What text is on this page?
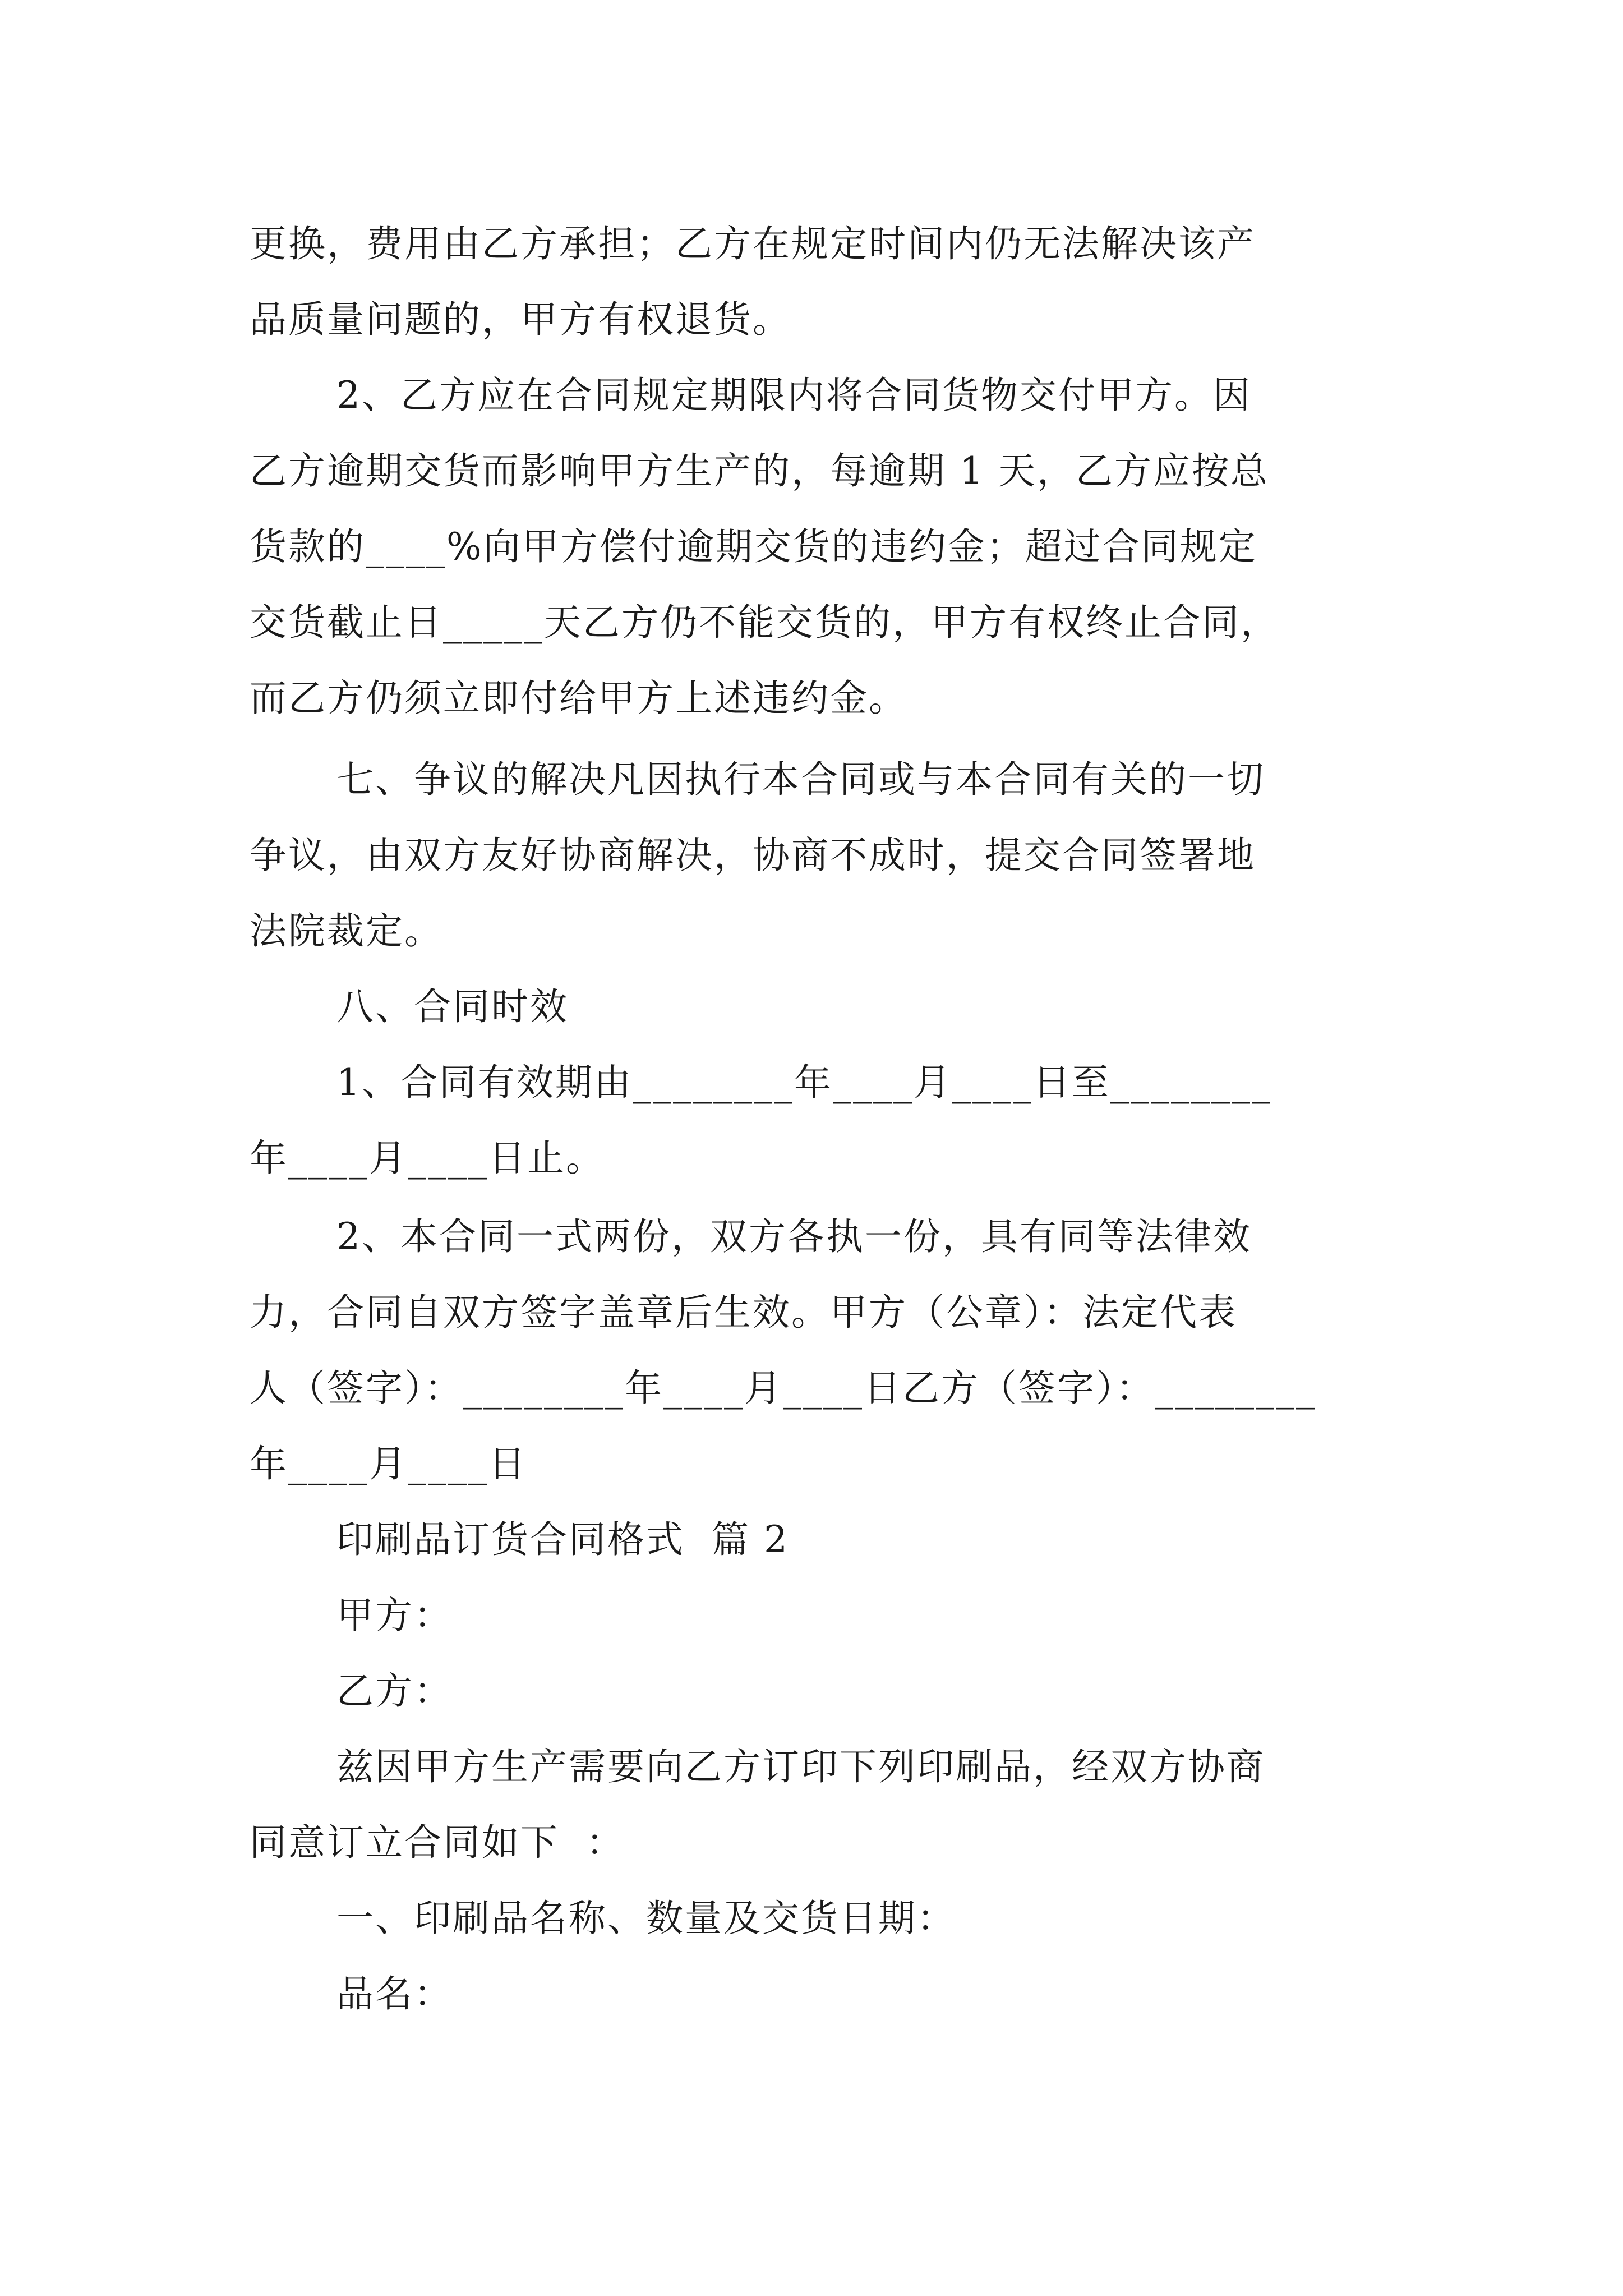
更换，费用由乙方承担；乙方在规定时间内仍无法解决该产

品质量问题的，甲方有权退货。

2、乙方应在合同规定期限内将合同货物交付甲方。因

乙方逾期交货而影响甲方生产的，每逾期 1 天，乙方应按总

货款的____%向甲方偿付逾期交货的违约金；超过合同规定

交货截止日_____天乙方仍不能交货的，甲方有权终止合同，

而乙方仍须立即付给甲方上述违约金。

七、争议的解决凡因执行本合同或与本合同有关的一切

争议，由双方友好协商解决，协商不成时，提交合同签署地

法院裁定。

八、合同时效

1、合同有效期由________年____月____日至________

年____月____日止。

2、本合同一式两份，双方各执一份，具有同等法律效

力，合同自双方签字盖章后生效。甲方（公章）：法定代表

人（签字）：________年____月____日乙方（签字）：________

年____月____日

印刷品订货合同格式  篇 2

甲方：

乙方：

兹因甲方生产需要向乙方订印下列印刷品，经双方协商

同意订立合同如下  ：

一、印刷品名称、数量及交货日期：

品名：
